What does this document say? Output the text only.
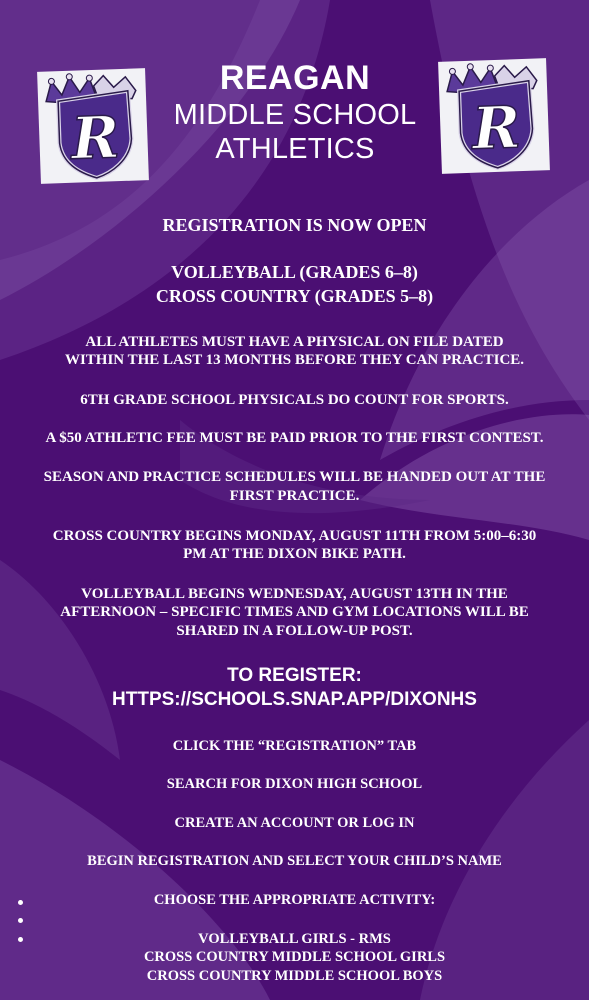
R	R
REAGAN
MIDDLE SCHOOL
ATHLETICS
REGISTRATION IS NOW OPEN
VOLLEYBALL (GRADES 6–8)
CROSS COUNTRY (GRADES 5–8)
ALL ATHLETES MUST HAVE A PHYSICAL ON FILE DATED
WITHIN THE LAST 13 MONTHS BEFORE THEY CAN PRACTICE.
6TH GRADE SCHOOL PHYSICALS DO COUNT FOR SPORTS.
A $50 ATHLETIC FEE MUST BE PAID PRIOR TO THE FIRST CONTEST.
SEASON AND PRACTICE SCHEDULES WILL BE HANDED OUT AT THE
FIRST PRACTICE.
CROSS COUNTRY BEGINS MONDAY, AUGUST 11TH FROM 5:00–6:30
PM AT THE DIXON BIKE PATH.
VOLLEYBALL BEGINS WEDNESDAY, AUGUST 13TH IN THE
AFTERNOON – SPECIFIC TIMES AND GYM LOCATIONS WILL BE
SHARED IN A FOLLOW-UP POST.
TO REGISTER:
HTTPS://SCHOOLS.SNAP.APP/DIXONHS
CLICK THE “REGISTRATION” TAB
SEARCH FOR DIXON HIGH SCHOOL
CREATE AN ACCOUNT OR LOG IN
BEGIN REGISTRATION AND SELECT YOUR CHILD’S NAME
CHOOSE THE APPROPRIATE ACTIVITY:
VOLLEYBALL GIRLS - RMS
CROSS COUNTRY MIDDLE SCHOOL GIRLS
CROSS COUNTRY MIDDLE SCHOOL BOYS
